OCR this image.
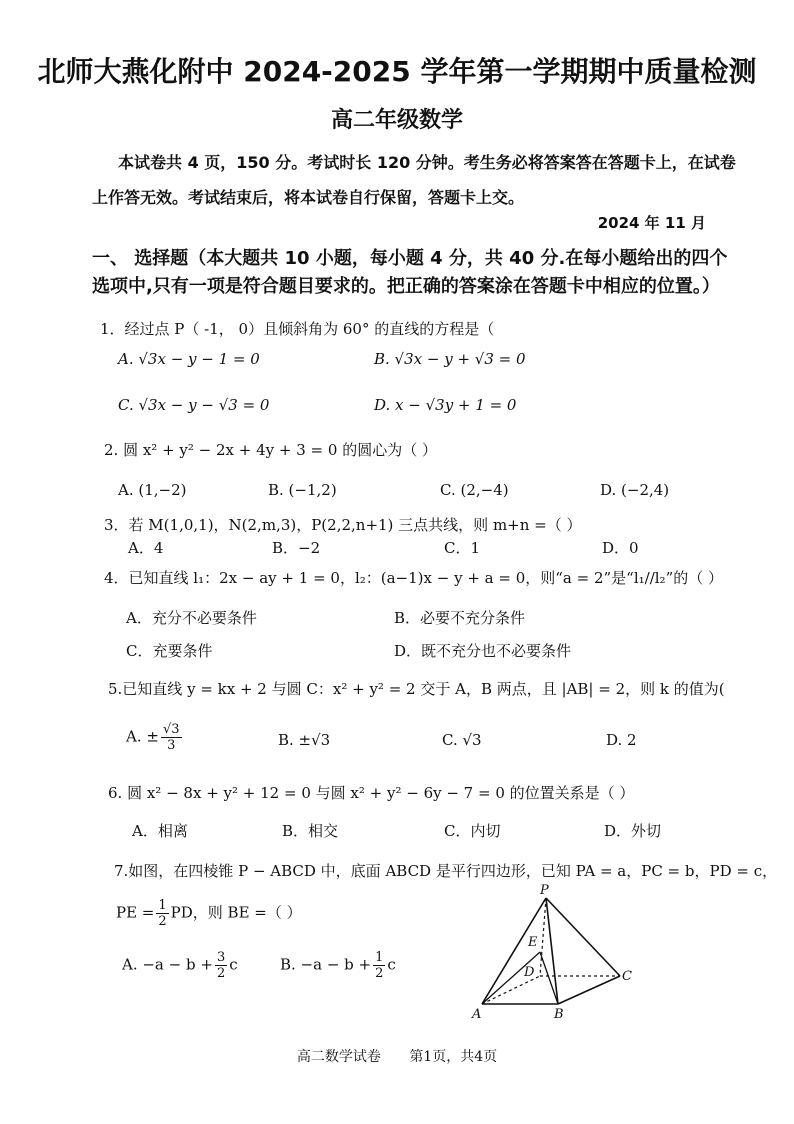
北师大燕化附中 2024-2025 学年第一学期期中质量检测
高二年级数学
本试卷共 4 页，150 分。考试时长 120 分钟。考生务必将答案答在答题卡上，在试卷
上作答无效。考试结束后，将本试卷自行保留，答题卡上交。
2024 年 11 月
一、 选择题（本大题共 10 小题，每小题 4 分，共 40 分.在每小题给出的四个
选项中,只有一项是符合题目要求的。把正确的答案涂在答题卡中相应的位置。）
1．经过点 P（ -1， 0）且倾斜角为 60° 的直线的方程是（
A. √3x − y − 1 = 0	B. √3x − y + √3 = 0
C. √3x − y − √3 = 0	D. x − √3y + 1 = 0
2. 圆 x² + y² − 2x + 4y + 3 = 0 的圆心为（ ）
A. (1,−2)	B. (−1,2)	C. (2,−4)	D. (−2,4)
3．若 M(1,0,1)，N(2,m,3)，P(2,2,n+1) 三点共线，则 m+n =（ ）
A．4	B．−2	C．1	D．0
4．已知直线 l₁：2x − ay + 1 = 0，l₂：(a−1)x − y + a = 0，则“a = 2”是“l₁//l₂”的（ ）
A．充分不必要条件	B．必要不充分条件
C．充要条件	D．既不充分也不必要条件
5.已知直线 y = kx + 2 与圆 C：x² + y² = 2 交于 A，B 两点，且 |AB| = 2，则 k 的值为(
A. ± $\frac{√3}{3}$	B. ±√3	C. √3	D. 2
6. 圆 x² − 8x + y² + 12 = 0 与圆 x² + y² − 6y − 7 = 0 的位置关系是（ ）
A．相离	B．相交	C．内切	D．外切
7.如图，在四棱锥 P − ABCD 中，底面 ABCD 是平行四边形，已知 PA = a，PC = b，PD = c，
PE = $\frac{1}{2}$ PD，则 BE =（ ）
A. $-a - b + \frac{3}{2}$ c	B. $-a - b + \frac{1}{2}$ c
P
A	B
C
D
E
高二数学试卷 第1页，共4页
